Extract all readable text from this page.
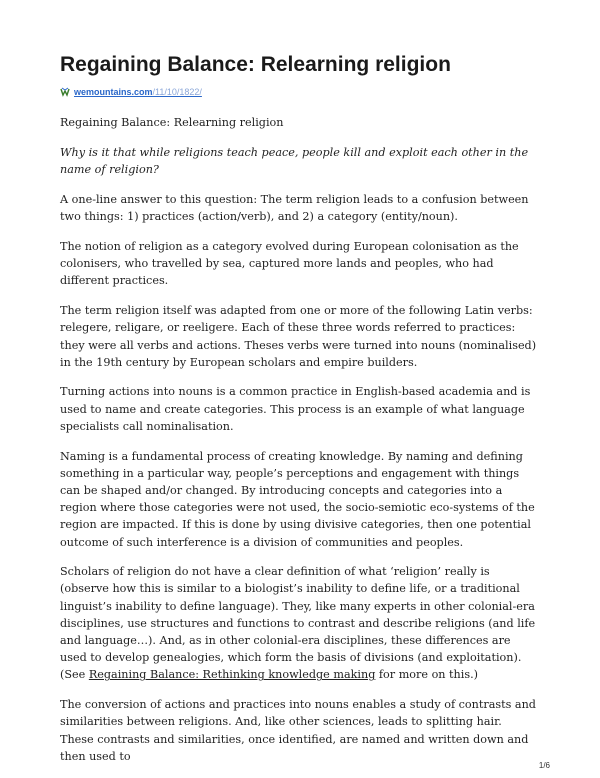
Regaining Balance: Relearning religion
wemountains.com/11/10/1822/

Regaining Balance: Relearning religion

Why is it that while religions teach peace, people kill and exploit each other in the name of religion?

A one-line answer to this question: The term religion leads to a confusion between two things: 1) practices (action/verb), and 2) a category (entity/noun).

The notion of religion as a category evolved during European colonisation as the colonisers, who travelled by sea, captured more lands and peoples, who had different practices.

The term religion itself was adapted from one or more of the following Latin verbs: relegere, religare, or reeligere. Each of these three words referred to practices: they were all verbs and actions. Theses verbs were turned into nouns (nominalised) in the 19th century by European scholars and empire builders.

Turning actions into nouns is a common practice in English-based academia and is used to name and create categories. This process is an example of what language specialists call nominalisation.

Naming is a fundamental process of creating knowledge. By naming and defining something in a particular way, people’s perceptions and engagement with things can be shaped and/or changed. By introducing concepts and categories into a region where those categories were not used, the socio-semiotic eco-systems of the region are impacted. If this is done by using divisive categories, then one potential outcome of such interference is a division of communities and peoples.

Scholars of religion do not have a clear definition of what ‘religion’ really is (observe how this is similar to a biologist’s inability to define life, or a traditional linguist’s inability to define language). They, like many experts in other colonial-era disciplines, use structures and functions to contrast and describe religions (and life and language…). And, as in other colonial-era disciplines, these differences are used to develop genealogies, which form the basis of divisions (and exploitation). (See Regaining Balance: Rethinking knowledge making for more on this.)

The conversion of actions and practices into nouns enables a study of contrasts and similarities between religions. And, like other sciences, leads to splitting hair. These contrasts and similarities, once identified, are named and written down and then used to

1/6
